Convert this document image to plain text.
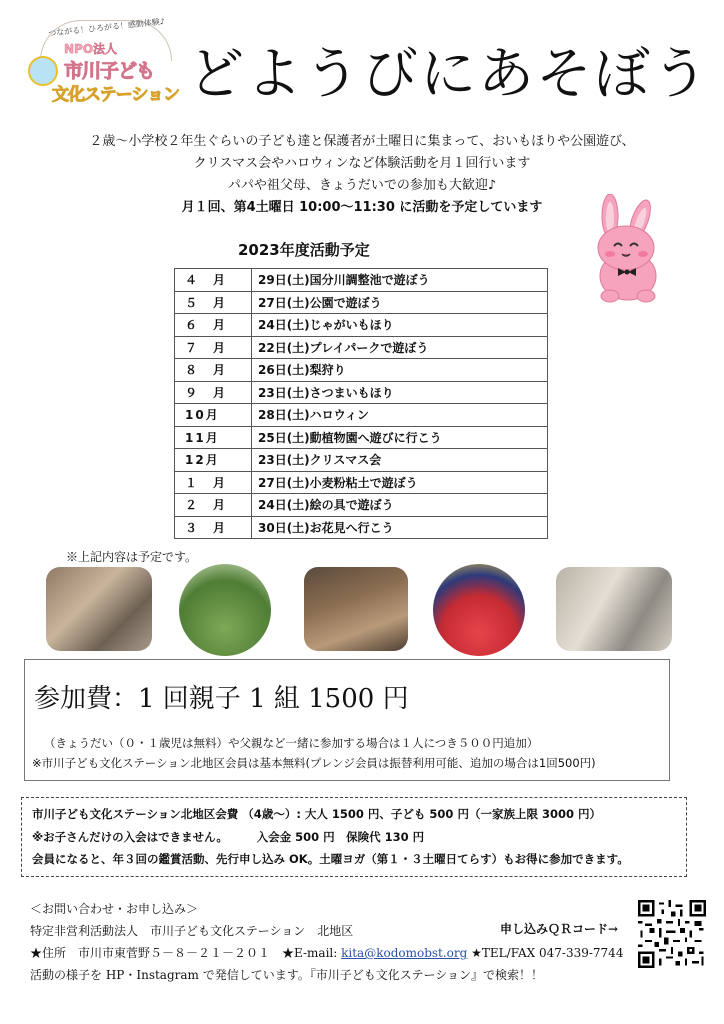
つながる！ひろがる！感動体験♪
NPO法人
市川子ども
文化ステーション どようびにあそぼう
２歳～小学校２年生ぐらいの子ども達と保護者が土曜日に集まって、おいもほりや公園遊び、
クリスマス会やハロウィンなど体験活動を月１回行います
パパや祖父母、きょうだいでの参加も大歓迎♪
月１回、第4土曜日 10:00～11:30 に活動を予定しています
2023年度活動予定
４　月	29日(土)国分川調整池で遊ぼう
５　月	27日(土)公園で遊ぼう
６　月	24日(土)じゃがいもほり
７　月	22日(土)プレイパークで遊ぼう
８　月	26日(土)梨狩り
９　月	23日(土)さつまいもほり
10月	28日(土)ハロウィン
11月	25日(土)動植物園へ遊びに行こう
12月	23日(土)クリスマス会
１　月	27日(土)小麦粉粘土で遊ぼう
２　月	24日(土)絵の具で遊ぼう
３　月	30日(土)お花見へ行こう
※上記内容は予定です。
参加費：1 回親子 1 組 1500 円
（きょうだい（０・１歳児は無料）や父親など一緒に参加する場合は１人につき５００円追加）
※市川子ども文化ステーション北地区会員は基本無料(プレンジ会員は振替利用可能、追加の場合は1回500円)
市川子ども文化ステーション北地区会費 （4歳～）: 大人 1500 円、子ども 500 円（一家族上限 3000 円）
※お子さんだけの入会はできません。　　　入会金 500 円　保険代 130 円
会員になると、年３回の鑑賞活動、先行申し込み OK。土曜ヨガ（第１・３土曜日てらす）もお得に参加できます。
＜お問い合わせ・お申し込み＞
特定非営利活動法人　市川子ども文化ステーション　北地区	申し込みＱＲコード→
★住所　市川市東菅野５－８－２１－２０１　★E-mail: kita@kodomobst.org ★TEL/FAX 047-339-7744
活動の様子を HP・Instagram で発信しています。『市川子ども文化ステーション』で検索！！
